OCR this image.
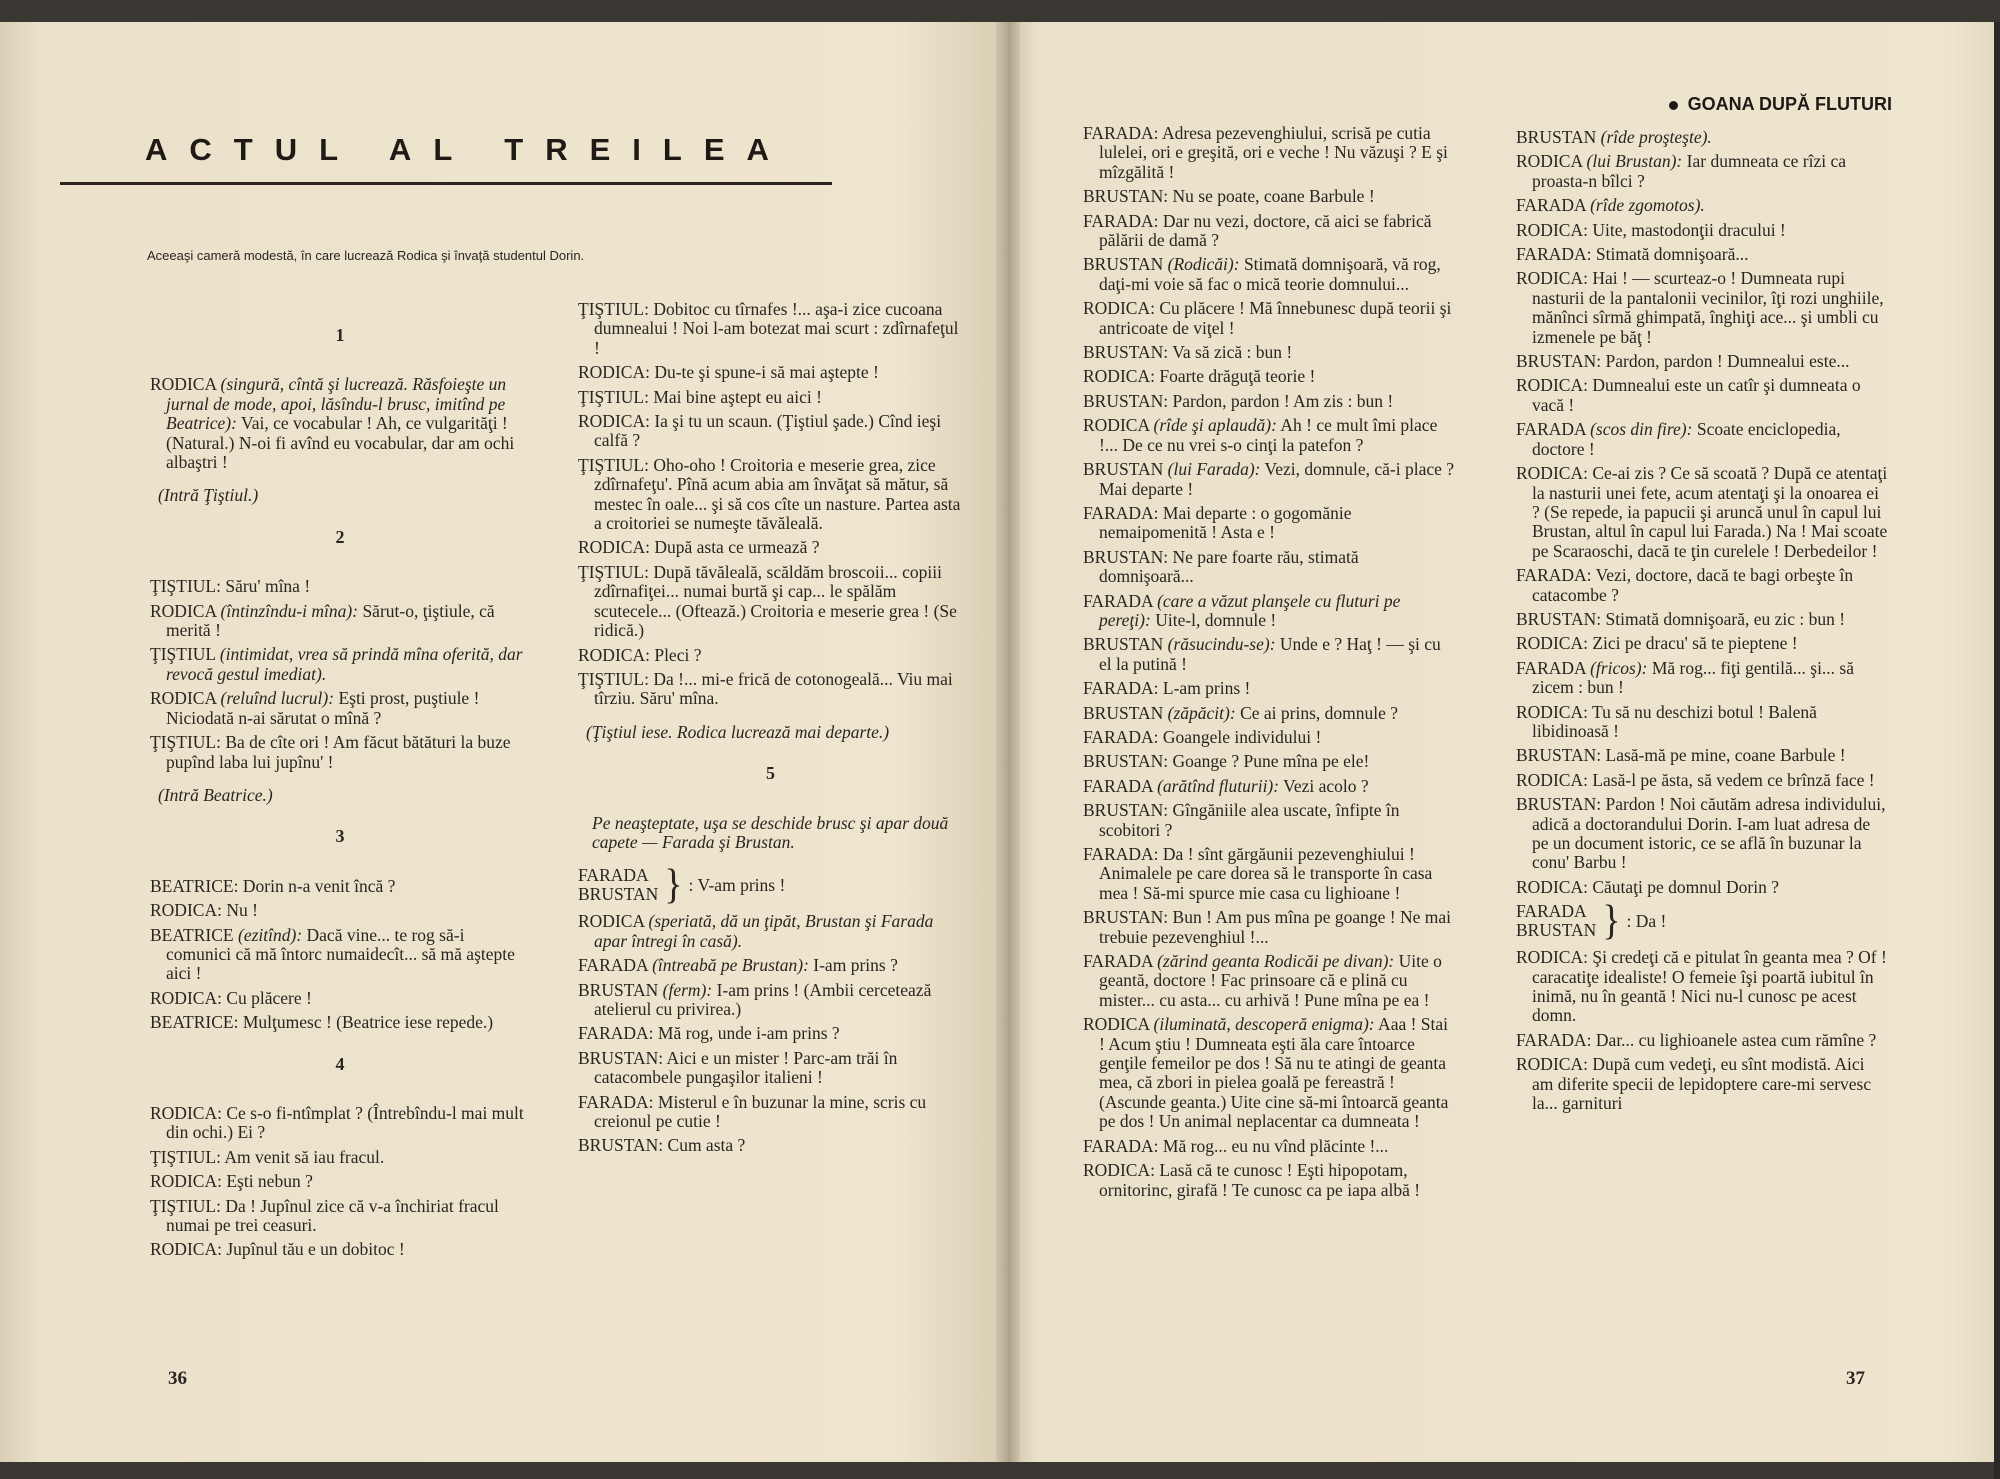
ACTUL AL TREILEA
Aceeaşi cameră modestă, în care lucrează Rodica şi învaţă studentul Dorin.
1

RODICA (singură, cîntă şi lucrează. Răsfoieşte un jurnal de mode, apoi, lăsîndu-l brusc, imitînd pe Beatrice): Vai, ce vocabular ! Ah, ce vulgarităţi ! (Natural.) N-oi fi avînd eu vocabular, dar am ochi albaştri !

(Intră Ţiştiul.)

2

ŢIŞTIUL: Săru' mîna !

RODICA (întinzîndu-i mîna): Sărut-o, ţiştiule, că merită !

ŢIŞTIUL (intimidat, vrea să prindă mîna oferită, dar revocă gestul imediat).

RODICA (reluînd lucrul): Eşti prost, puştiule ! Niciodată n-ai sărutat o mînă ?

ŢIŞTIUL: Ba de cîte ori ! Am făcut bătături la buze pupînd laba lui jupînu' !

(Intră Beatrice.)

3

BEATRICE: Dorin n-a venit încă ?

RODICA: Nu !

BEATRICE (ezitînd): Dacă vine... te rog să-i comunici că mă întorc numaidecît... să mă aştepte aici !

RODICA: Cu plăcere !

BEATRICE: Mulţumesc ! (Beatrice iese repede.)

4

RODICA: Ce s-o fi-ntîmplat ? (Întrebîndu-l mai mult din ochi.) Ei ?

ŢIŞTIUL: Am venit să iau fracul.

RODICA: Eşti nebun ?

ŢIŞTIUL: Da ! Jupînul zice că v-a închiriat fracul numai pe trei ceasuri.

RODICA: Jupînul tău e un dobitoc !

ŢIŞTIUL: Dobitoc cu tîrnafes !... aşa-i zice cucoana dumnealui ! Noi l-am botezat mai scurt : zdîrnafeţul !

RODICA: Du-te şi spune-i să mai aştepte !

ŢIŞTIUL: Mai bine aştept eu aici !

RODICA: Ia şi tu un scaun. (Ţiştiul şade.) Cînd ieşi calfă ?

ŢIŞTIUL: Oho-oho ! Croitoria e meserie grea, zice zdîrnafeţu'. Pînă acum abia am învăţat să mătur, să mestec în oale... şi să cos cîte un nasture. Partea asta a croitoriei se numeşte tăvăleală.

RODICA: După asta ce urmează ?

ŢIŞTIUL: După tăvăleală, scăldăm broscoii... copiii zdîrnafiţei... numai burtă şi cap... le spălăm scutecele... (Oftează.) Croitoria e meserie grea ! (Se ridică.)

RODICA: Pleci ?

ŢIŞTIUL: Da !... mi-e frică de cotonogeală... Viu mai tîrziu. Săru' mîna.

(Ţiştiul iese. Rodica lucrează mai departe.)

5

Pe neaşteptate, uşa se deschide brusc şi apar două capete — Farada şi Brustan.

FARADA
BRUSTAN } : V-am prins !

RODICA (speriată, dă un ţipăt, Brustan şi Farada apar întregi în casă).

FARADA (întreabă pe Brustan): I-am prins ?

BRUSTAN (ferm): I-am prins ! (Ambii cercetează atelierul cu privirea.)

FARADA: Mă rog, unde i-am prins ?

BRUSTAN: Aici e un mister ! Parc-am trăi în catacombele pungaşilor italieni !

FARADA: Misterul e în buzunar la mine, scris cu creionul pe cutie !

BRUSTAN: Cum asta ?

36
GOANA DUPĂ FLUTURI

FARADA: Adresa pezevenghiului, scrisă pe cutia lulelei, ori e greşită, ori e veche ! Nu văzuşi ? E şi mîzgălită !

BRUSTAN: Nu se poate, coane Barbule !

FARADA: Dar nu vezi, doctore, că aici se fabrică pălării de damă ?

BRUSTAN (Rodicăi): Stimată domnişoară, vă rog, daţi-mi voie să fac o mică teorie domnului...

RODICA: Cu plăcere ! Mă înnebunesc după teorii şi antricoate de viţel !

BRUSTAN: Va să zică : bun !

RODICA: Foarte drăguţă teorie !

BRUSTAN: Pardon, pardon ! Am zis : bun !

RODICA (rîde şi aplaudă): Ah ! ce mult îmi place !... De ce nu vrei s-o cinţi la patefon ?

BRUSTAN (lui Farada): Vezi, domnule, că-i place ? Mai departe !

FARADA: Mai departe : o gogomănie nemaipomenită ! Asta e !

BRUSTAN: Ne pare foarte rău, stimată domnişoară...

FARADA (care a văzut planşele cu fluturi pe pereţi): Uite-l, domnule !

BRUSTAN (răsucindu-se): Unde e ? Haţ ! — şi cu el la putină !

FARADA: L-am prins !

BRUSTAN (zăpăcit): Ce ai prins, domnule ?

FARADA: Goangele individului !

BRUSTAN: Goange ? Pune mîna pe ele!

FARADA (arătînd fluturii): Vezi acolo ?

BRUSTAN: Gîngăniile alea uscate, înfipte în scobitori ?

FARADA: Da ! sînt gărgăunii pezevenghiului ! Animalele pe care dorea să le transporte în casa mea ! Să-mi spurce mie casa cu lighioane !

BRUSTAN: Bun ! Am pus mîna pe goange ! Ne mai trebuie pezevenghiul !...

FARADA (zărind geanta Rodicăi pe divan): Uite o geantă, doctore ! Fac prinsoare că e plină cu mister... cu asta... cu arhivă ! Pune mîna pe ea !

RODICA (iluminată, descoperă enigma): Aaa ! Stai ! Acum ştiu ! Dumneata eşti ăla care întoarce genţile femeilor pe dos ! Să nu te atingi de geanta mea, că zbori in pielea goală pe fereastră ! (Ascunde geanta.) Uite cine să-mi întoarcă geanta pe dos ! Un animal neplacentar ca dumneata !

FARADA: Mă rog... eu nu vînd plăcinte !...

RODICA: Lasă că te cunosc ! Eşti hipopotam, ornitorinc, girafă ! Te cunosc ca pe iapa albă !

BRUSTAN (rîde proşteşte).

RODICA (lui Brustan): Iar dumneata ce rîzi ca proasta-n bîlci ?

FARADA (rîde zgomotos).

RODICA: Uite, mastodonţii dracului !

FARADA: Stimată domnişoară...

RODICA: Hai ! — scurteaz-o ! Dumneata rupi nasturii de la pantalonii vecinilor, îţi rozi unghiile, mănînci sîrmă ghimpată, înghiţi ace... şi umbli cu izmenele pe băţ !

BRUSTAN: Pardon, pardon ! Dumnealui este...

RODICA: Dumnealui este un catîr şi dumneata o vacă !

FARADA (scos din fire): Scoate enciclopedia, doctore !

RODICA: Ce-ai zis ? Ce să scoată ? După ce atentaţi la nasturii unei fete, acum atentaţi şi la onoarea ei ? (Se repede, ia papucii şi aruncă unul în capul lui Brustan, altul în capul lui Farada.) Na ! Mai scoate pe Scaraoschi, dacă te ţin curelele ! Derbedeilor !

FARADA: Vezi, doctore, dacă te bagi orbeşte în catacombe ?

BRUSTAN: Stimată domnişoară, eu zic : bun !

RODICA: Zici pe dracu' să te pieptene !

FARADA (fricos): Mă rog... fiţi gentilă... şi... să zicem : bun !

RODICA: Tu să nu deschizi botul ! Balenă libidinoasă !

BRUSTAN: Lasă-mă pe mine, coane Barbule !

RODICA: Lasă-l pe ăsta, să vedem ce brînză face !

BRUSTAN: Pardon ! Noi căutăm adresa individului, adică a doctorandului Dorin. I-am luat adresa de pe un document istoric, ce se află în buzunar la conu' Barbu !

RODICA: Căutaţi pe domnul Dorin ?

FARADA
BRUSTAN } : Da !

RODICA: Şi credeţi că e pitulat în geanta mea ? Of ! caracatiţe idealiste! O femeie îşi poartă iubitul în inimă, nu în geantă ! Nici nu-l cunosc pe acest domn.

FARADA: Dar... cu lighioanele astea cum rămîne ?

RODICA: După cum vedeţi, eu sînt modistă. Aici am diferite specii de lepidoptere care-mi servesc la... garnituri

37
